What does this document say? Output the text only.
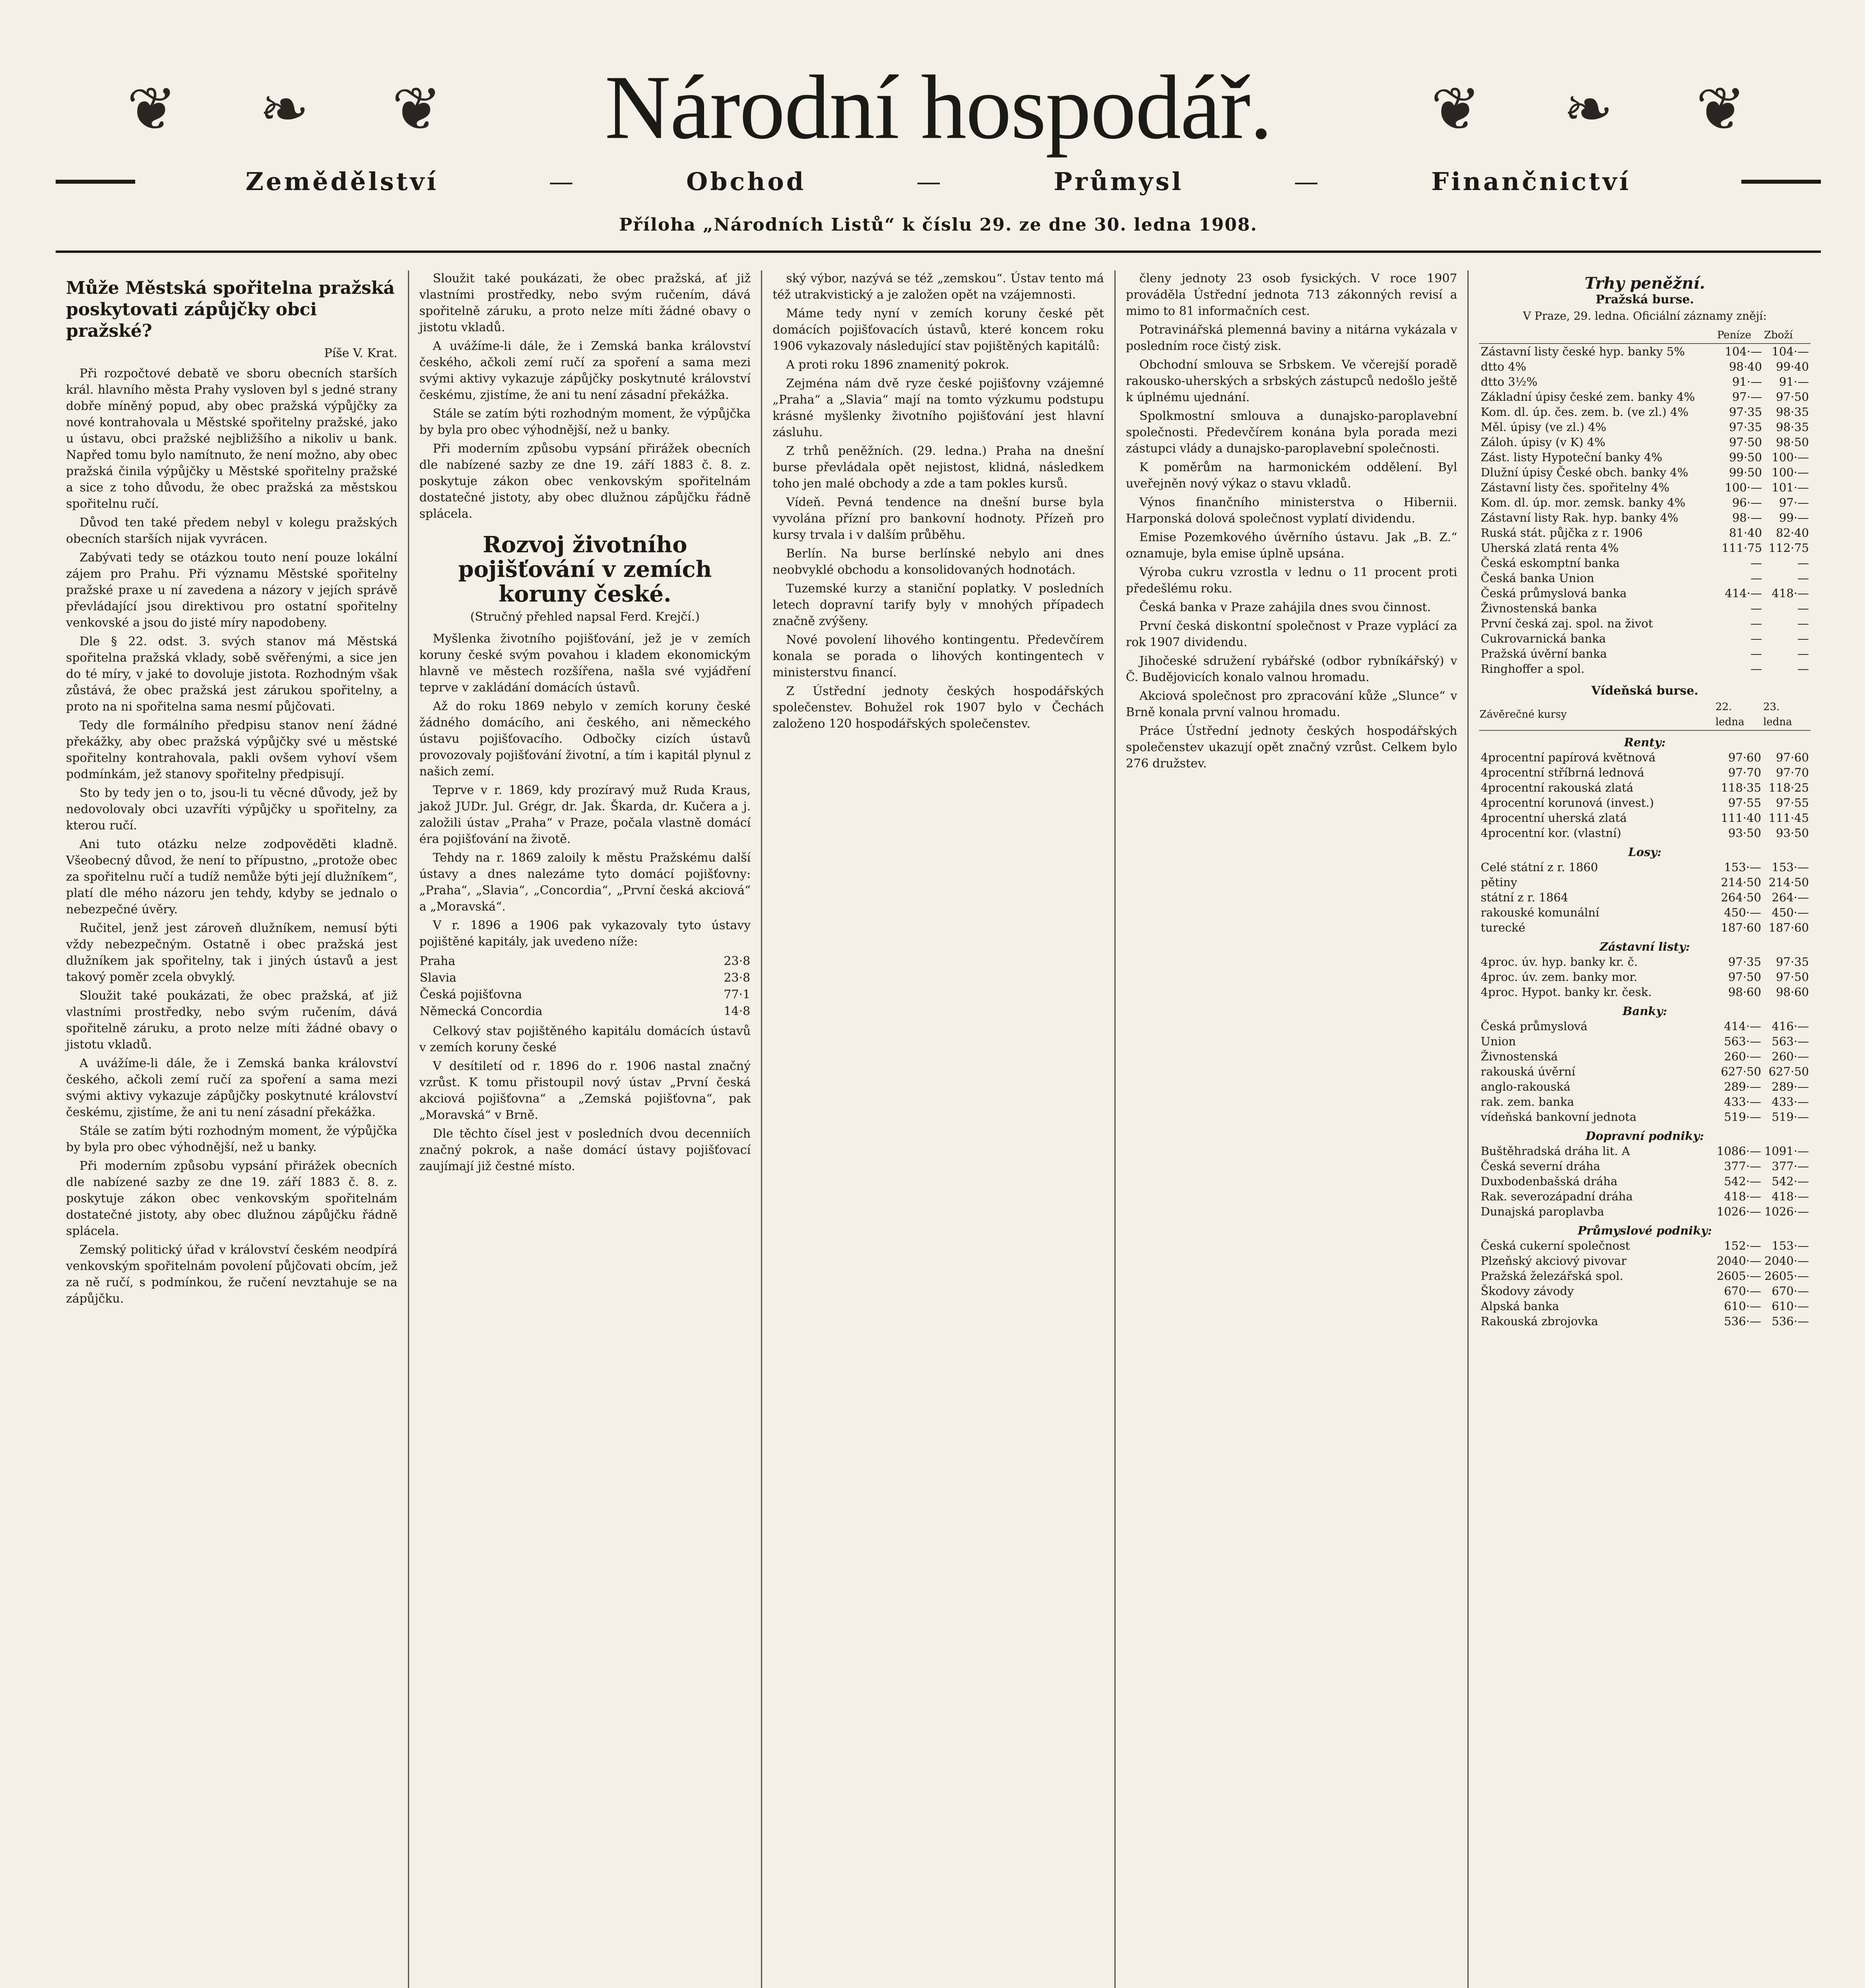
❦ ❧ ❦	Národní hospodář.	❦ ❧ ❦
Zemědělství	—	Obchod	—	Průmysl	—	Finančnictví
Příloha „Národních Listů“ k číslu 29. ze dne 30. ledna 1908.
Může Městská spořitelna pražská poskytovati zápůjčky obci pražské?
Píše V. Krat.

Při rozpočtové debatě ve sboru obecních starších král. hlavního města Prahy vysloven byl s jedné strany dobře míněný popud, aby obec pražská výpůjčky za nové kontrahovala u Městské spořitelny pražské, jako u ústavu, obci pražské nejbližšího a nikoliv u bank. Napřed tomu bylo namítnuto, že není možno, aby obec pražská činila výpůjčky u Městské spořitelny pražské a sice z toho důvodu, že obec pražská za městskou spořitelnu ručí.

Důvod ten také předem nebyl v kolegu pražských obecních starších nijak vyvrácen.

Zabývati tedy se otázkou touto není pouze lokální zájem pro Prahu. Při významu Městské spořitelny pražské praxe u ní zavedena a názory v jejích správě převládající jsou direktivou pro ostatní spořitelny venkovské a jsou do jisté míry napodobeny.

Dle § 22. odst. 3. svých stanov má Městská spořitelna pražská vklady, sobě svěřenými, a sice jen do té míry, v jaké to dovoluje jistota. Rozhodným však zůstává, že obec pražská jest zárukou spořitelny, a proto na ni spořitelna sama nesmí půjčovati.

Tedy dle formálního předpisu stanov není žádné překážky, aby obec pražská výpůjčky své u městské spořitelny kontrahovala, pakli ovšem vyhoví všem podmínkám, jež stanovy spořitelny předpisují.

Sto by tedy jen o to, jsou-li tu věcné důvody, jež by nedovolovaly obci uzavříti výpůjčky u spořitelny, za kterou ručí.

Ani tuto otázku nelze zodpověděti kladně. Všeobecný důvod, že není to přípustno, „protože obec za spořitelnu ručí a tudíž nemůže býti její dlužníkem“, platí dle mého názoru jen tehdy, kdyby se jednalo o nebezpečné úvěry.

Ručitel, jenž jest zároveň dlužníkem, nemusí býti vždy nebezpečným. Ostatně i obec pražská jest dlužníkem jak spořitelny, tak i jiných ústavů a jest takový poměr zcela obvyklý.

Sloužit také poukázati, že obec pražská, ať již vlastními prostředky, nebo svým ručením, dává spořitelně záruku, a proto nelze míti žádné obavy o jistotu vkladů.

A uvážíme-li dále, že i Zemská banka království českého, ačkoli zemí ručí za spoření a sama mezi svými aktivy vykazuje zápůjčky poskytnuté království českému, zjistíme, že ani tu není zásadní překážka.

Stále se zatím býti rozhodným moment, že výpůjčka by byla pro obec výhodnější, než u banky.

Při moderním způsobu vypsání přirážek obecních dle nabízené sazby ze dne 19. září 1883 č. 8. z. poskytuje zákon obec venkovským spořitelnám dostatečné jistoty, aby obec dlužnou zápůjčku řádně splácela.

Zemský politický úřad v království českém neodpírá venkovským spořitelnám povolení půjčovati obcím, jež za ně ručí, s podmínkou, že ručení nevztahuje se na zápůjčku.

Sloužit také poukázati, že obec pražská, ať již vlastními prostředky, nebo svým ručením, dává spořitelně záruku, a proto nelze míti žádné obavy o jistotu vkladů.

A uvážíme-li dále, že i Zemská banka království českého, ačkoli zemí ručí za spoření a sama mezi svými aktivy vykazuje zápůjčky poskytnuté království českému, zjistíme, že ani tu není zásadní překážka.

Stále se zatím býti rozhodným moment, že výpůjčka by byla pro obec výhodnější, než u banky.

Při moderním způsobu vypsání přirážek obecních dle nabízené sazby ze dne 19. září 1883 č. 8. z. poskytuje zákon obec venkovským spořitelnám dostatečné jistoty, aby obec dlužnou zápůjčku řádně splácela.

Rozvoj životního pojišťování v zemích koruny české.
(Stručný přehled napsal Ferd. Krejčí.)

Myšlenka životního pojišťování, jež je v zemích koruny české svým povahou i kladem ekonomickým hlavně ve městech rozšířena, našla své vyjádření teprve v zakládání domácích ústavů.

Až do roku 1869 nebylo v zemích koruny české žádného domácího, ani českého, ani německého ústavu pojišťovacího. Odbočky cizích ústavů provozovaly pojišťování životní, a tím i kapitál plynul z našich zemí.

Teprve v r. 1869, kdy prozíravý muž Ruda Kraus, jakož JUDr. Jul. Grégr, dr. Jak. Škarda, dr. Kučera a j. založili ústav „Praha“ v Praze, počala vlastně domácí éra pojišťování na životě.

Tehdy na r. 1869 zaloily k městu Pražskému další ústavy a dnes nalezáme tyto domácí pojišťovny: „Praha“, „Slavia“, „Concordia“, „První česká akciová“ a „Moravská“.

V r. 1896 a 1906 pak vykazovaly tyto ústavy pojištěné kapitály, jak uvedeno níže:

Praha	23·8
Slavia	23·8
Česká pojišťovna	77·1
Německá Concordia	14·8

Celkový stav pojištěného kapitálu domácích ústavů v zemích koruny české

V desítiletí od r. 1896 do r. 1906 nastal značný vzrůst. K tomu přistoupil nový ústav „První česká akciová pojišťovna“ a „Zemská pojišťovna“, pak „Moravská“ v Brně.

Dle těchto čísel jest v posledních dvou decenniích značný pokrok, a naše domácí ústavy pojišťovací zaujímají již čestné místo.

ský výbor, nazývá se též „zemskou“. Ústav tento má též utrakvistický a je založen opět na vzájemnosti.

Máme tedy nyní v zemích koruny české pět domácích pojišťovacích ústavů, které koncem roku 1906 vykazovaly následující stav pojištěných kapitálů:

A proti roku 1896 znamenitý pokrok.

Zejména nám dvě ryze české pojišťovny vzájemné „Praha“ a „Slavia“ mají na tomto výzkumu podstupu krásné myšlenky životního pojišťování jest hlavní zásluhu.

Z trhů peněžních. (29. ledna.) Praha na dnešní burse převládala opět nejistost, klidná, následkem toho jen malé obchody a zde a tam pokles kursů.

Vídeň. Pevná tendence na dnešní burse byla vyvolána přízní pro bankovní hodnoty. Přízeň pro kursy trvala i v dalším průběhu.

Berlín. Na burse berlínské nebylo ani dnes neobvyklé obchodu a konsolidovaných hodnotách.

Tuzemské kurzy a staniční poplatky. V posledních letech dopravní tarify byly v mnohých případech značně zvýšeny.

Nové povolení lihového kontingentu. Předevčírem konala se porada o lihových kontingentech v ministerstvu financí.

Z Ústřední jednoty českých hospodářských společenstev. Bohužel rok 1907 bylo v Čechách založeno 120 hospodářských společenstev.

členy jednoty 23 osob fysických. V roce 1907 prováděla Ústřední jednota 713 zákonných revisí a mimo to 81 informačních cest.

Potravinářská plemenná baviny a nitárna vykázala v posledním roce čistý zisk.

Obchodní smlouva se Srbskem. Ve včerejší poradě rakousko-uherských a srbských zástupců nedošlo ještě k úplnému ujednání.

Spolkmostní smlouva a dunajsko-paroplavební společnosti. Předevčírem konána byla porada mezi zástupci vlády a dunajsko-paroplavební společnosti.

K poměrům na harmonickém oddělení. Byl uveřejněn nový výkaz o stavu vkladů.

Výnos finančního ministerstva o Hibernii. Harponská dolová společnost vyplatí dividendu.

Emise Pozemkového úvěrního ústavu. Jak „B. Z.“ oznamuje, byla emise úplně upsána.

Výroba cukru vzrostla v lednu o 11 procent proti předešlému roku.

Česká banka v Praze zahájila dnes svou činnost.

První česká diskontní společnost v Praze vyplácí za rok 1907 dividendu.

Jihočeské sdružení rybářské (odbor rybníkářský) v Č. Budějovicích konalo valnou hromadu.

Akciová společnost pro zpracování kůže „Slunce“ v Brně konala první valnou hromadu.

Práce Ústřední jednoty českých hospodářských společenstev ukazují opět značný vzrůst. Celkem bylo 276 družstev.

Trhy peněžní.
Pražská burse.
V Praze, 29. ledna. Oficiální záznamy znějí:
	Peníze	Zboží
Zástavní listy české hyp. banky 5%	104·—	104·—
dtto 4%	98·40	99·40
dtto 3½%	91·—	91·—
Základní úpisy české zem. banky 4%	97·—	97·50
Kom. dl. úp. čes. zem. b. (ve zl.) 4%	97·35	98·35
Měl. úpisy (ve zl.) 4%	97·35	98·35
Záloh. úpisy (v K) 4%	97·50	98·50
Zást. listy Hypoteční banky 4%	99·50	100·—
Dlužní úpisy České obch. banky 4%	99·50	100·—
Zástavní listy čes. spořitelny 4%	100·—	101·—
Kom. dl. úp. mor. zemsk. banky 4%	96·—	97·—
Zástavní listy Rak. hyp. banky 4%	98·—	99·—
Ruská stát. půjčka z r. 1906	81·40	82·40
Uherská zlatá renta 4%	111·75	112·75
Česká eskomptní banka	—	—
Česká banka Union	—	—
Česká průmyslová banka	414·—	418·—
Živnostenská banka	—	—
První česká zaj. spol. na život	—	—
Cukrovarnická banka	—	—
Pražská úvěrní banka	—	—
Ringhoffer a spol.	—	—
Vídeňská burse.
Závěrečné kursy	22. ledna	23. ledna
Renty:		
4procentní papírová květnová	97·60	97·60
4procentní stříbrná lednová	97·70	97·70
4procentní rakouská zlatá	118·35	118·25
4procentní korunová (invest.)	97·55	97·55
4procentní uherská zlatá	111·40	111·45
4procentní kor. (vlastní)	93·50	93·50
Losy:		
Celé státní z r. 1860	153·—	153·—
pětiny	214·50	214·50
státní z r. 1864	264·50	264·—
rakouské komunální	450·—	450·—
turecké	187·60	187·60
Zástavní listy:		
4proc. úv. hyp. banky kr. č.	97·35	97·35
4proc. úv. zem. banky mor.	97·50	97·50
4proc. Hypot. banky kr. česk.	98·60	98·60
Banky:		
Česká průmyslová	414·—	416·—
Union	563·—	563·—
Živnostenská	260·—	260·—
rakouská úvěrní	627·50	627·50
anglo-rakouská	289·—	289·—
rak. zem. banka	433·—	433·—
vídeňská bankovní jednota	519·—	519·—
Dopravní podniky:		
Buštěhradská dráha lit. A	1086·—	1091·—
Česká severní dráha	377·—	377·—
Duxbodenbašská dráha	542·—	542·—
Rak. severozápadní dráha	418·—	418·—
Dunajská paroplavba	1026·—	1026·—
Průmyslové podniky:		
Česká cukerní společnost	152·—	153·—
Plzeňský akciový pivovar	2040·—	2040·—
Pražská železářská spol.	2605·—	2605·—
Škodovy závody	670·—	670·—
Alpská banka	610·—	610·—
Rakouská zbrojovka	536·—	536·—
